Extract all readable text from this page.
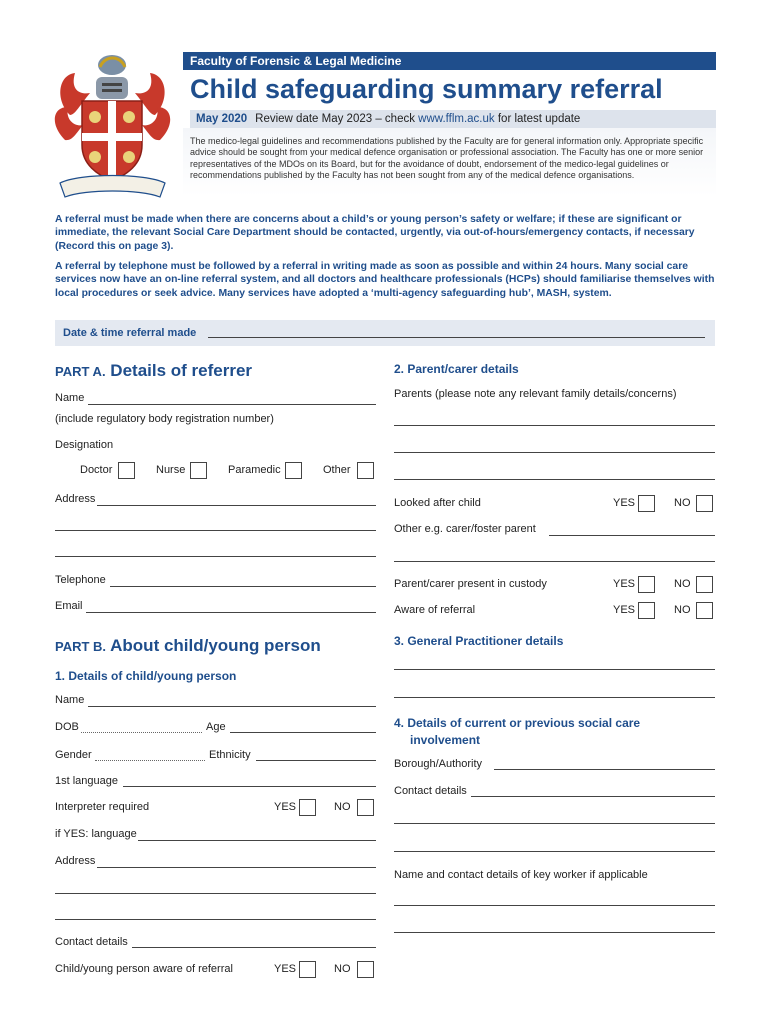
Faculty of Forensic & Legal Medicine
Child safeguarding summary referral
May 2020 Review date May 2023 – check www.fflm.ac.uk for latest update
The medico-legal guidelines and recommendations published by the Faculty are for general information only. Appropriate specific advice should be sought from your medical defence organisation or professional association. The Faculty has one or more senior representatives of the MDOs on its Board, but for the avoidance of doubt, endorsement of the medico-legal guidelines or recommendations published by the Faculty has not been sought from any of the medical defence organisations.
A referral must be made when there are concerns about a child’s or young person’s safety or welfare; if these are significant or immediate, the relevant Social Care Department should be contacted, urgently, via out-of-hours/emergency contacts, if necessary (Record this on page 3).
A referral by telephone must be followed by a referral in writing made as soon as possible and within 24 hours. Many social care services now have an on-line referral system, and all doctors and healthcare professionals (HCPs) should familiarise themselves with local procedures or seek advice. Many services have adopted a ‘multi-agency safeguarding hub’, MASH, system.
Date & time referral made
PART A. Details of referrer
Name
(include regulatory body registration number)
Designation
Doctor	Nurse	Paramedic	Other
Address
Telephone
Email
PART B. About child/young person
1. Details of child/young person
Name
DOB	Age
Gender	Ethnicity
1st language
Interpreter required	YES	NO
if YES: language
Address
Contact details
Child/young person aware of referral	YES	NO
2. Parent/carer details
Parents (please note any relevant family details/concerns)
Looked after child	YES	NO
Other e.g. carer/foster parent
Parent/carer present in custody	YES	NO
Aware of referral	YES	NO
3. General Practitioner details
4. Details of current or previous social care
involvement
Borough/Authority
Contact details
Name and contact details of key worker if applicable
